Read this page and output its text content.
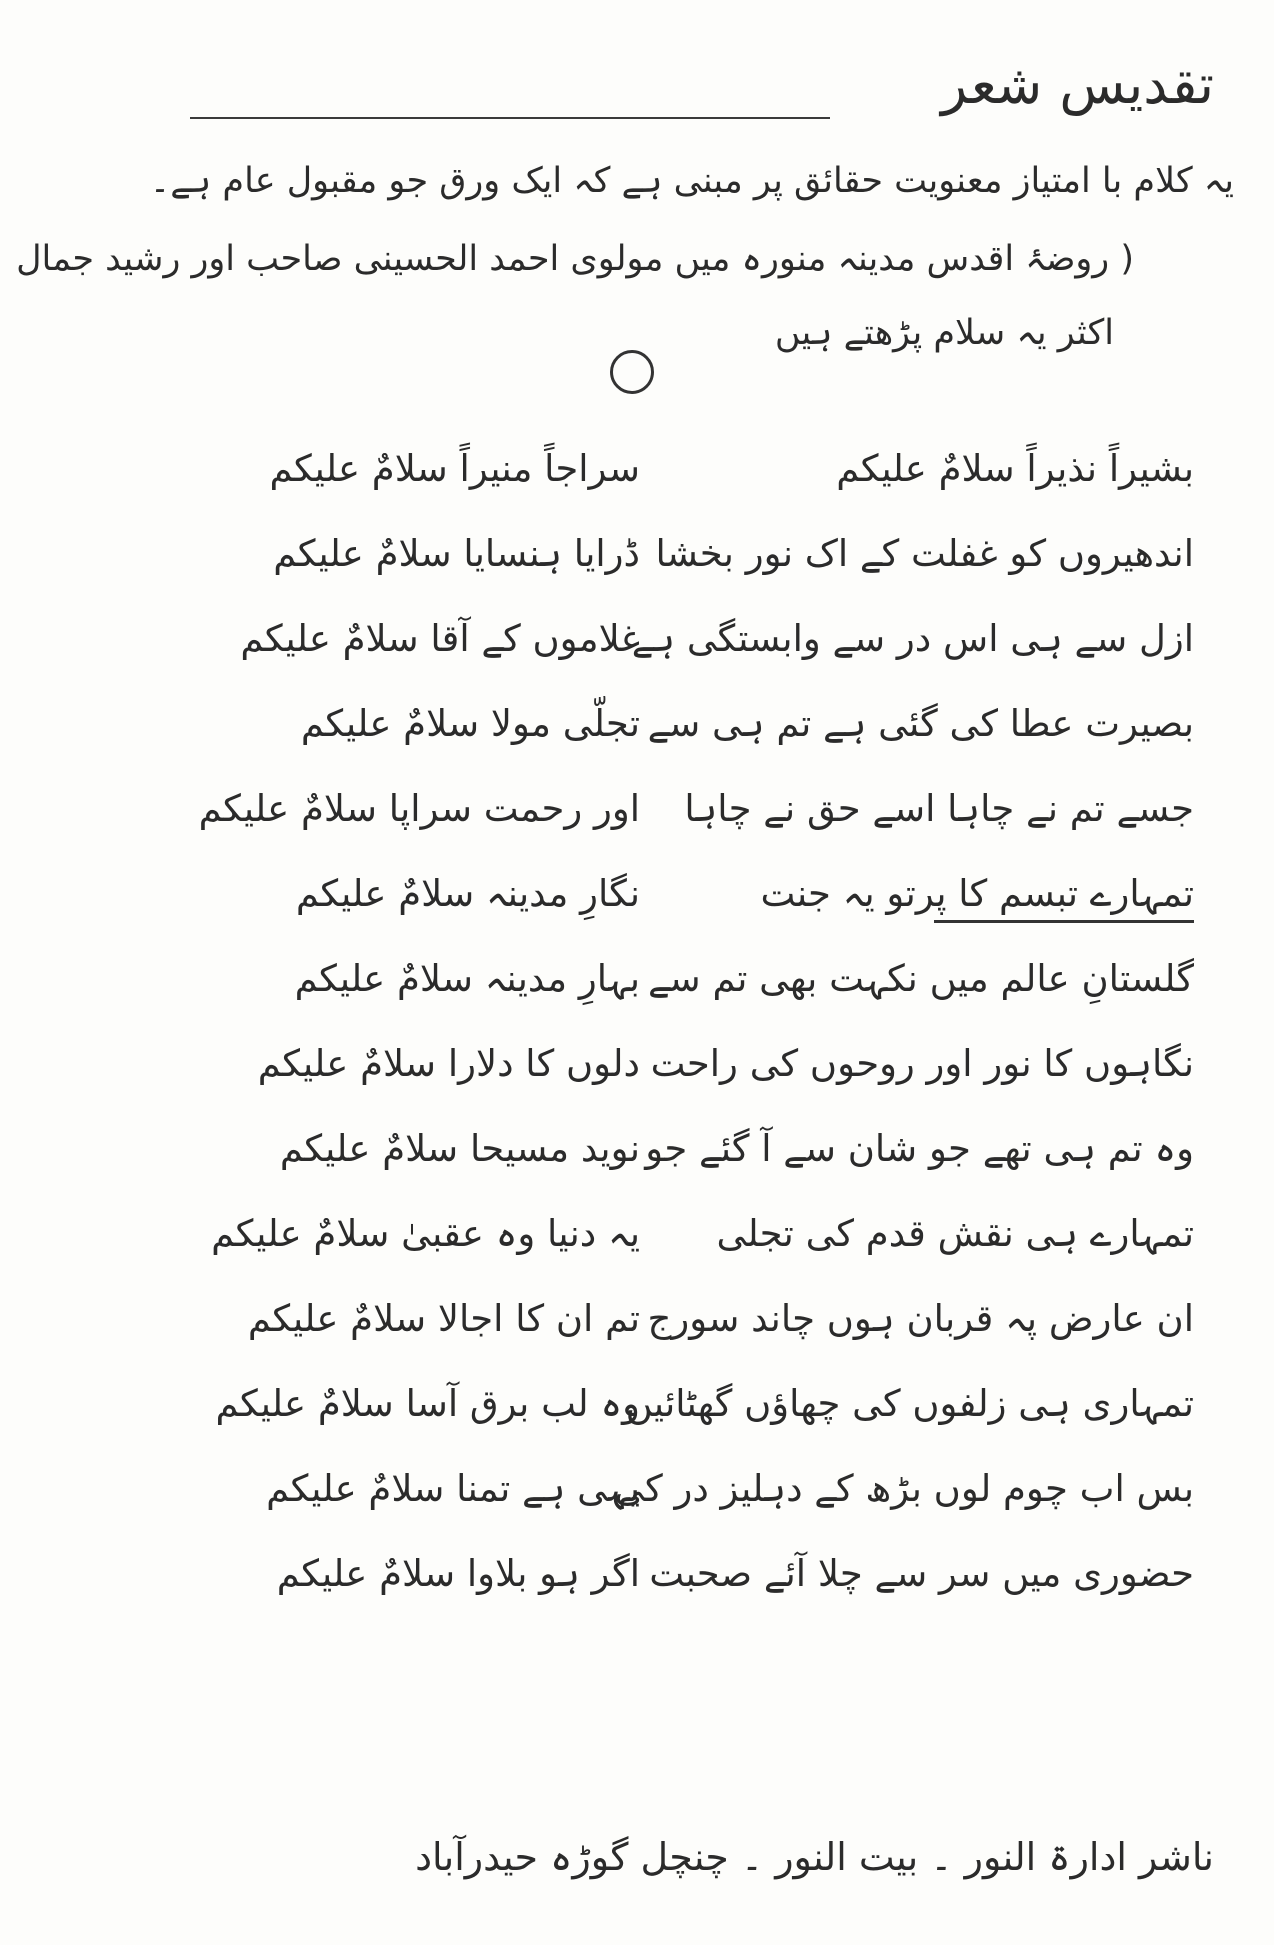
تقدیس شعر
یہ کلام با امتیاز معنویت حقائق پر مبنی ہے کہ ایک ورق جو مقبول عام ہے۔
( روضۂ اقدس مدینہ منورہ میں مولوی احمد الحسینی صاحب اور رشید جمال
اکثر یہ سلام پڑھتے ہیں
بشیراً نذیراً سلامٌ علیکم
سراجاً منیراً سلامٌ علیکم
اندھیروں کو غفلت کے اک نور بخشا
ڈرایا ہنسایا سلامٌ علیکم
ازل سے ہی اس در سے وابستگی ہے
غلاموں کے آقا سلامٌ علیکم
بصیرت عطا کی گئی ہے تم ہی سے
تجلّی مولا سلامٌ علیکم
جسے تم نے چاہا اسے حق نے چاہا
اور رحمت سراپا سلامٌ علیکم
تمہارے تبسم کا پرتو یہ جنت
نگارِ مدینہ سلامٌ علیکم
گلستانِ عالم میں نکہت بھی تم سے
بہارِ مدینہ سلامٌ علیکم
نگاہوں کا نور اور روحوں کی راحت
دلوں کا دلارا سلامٌ علیکم
وہ تم ہی تھے جو شان سے آ گئے جو
نوید مسیحا سلامٌ علیکم
تمہارے ہی نقش قدم کی تجلی
یہ دنیا وہ عقبیٰ سلامٌ علیکم
ان عارض پہ قربان ہوں چاند سورج
تم ان کا اجالا سلامٌ علیکم
تمہاری ہی زلفوں کی چھاؤں گھٹائیں
وہ لب برق آسا سلامٌ علیکم
بس اب چوم لوں بڑھ کے دہلیز در کی
یہی ہے تمنا سلامٌ علیکم
حضوری میں سر سے چلا آئے صحبت
اگر ہو بلاوا سلامٌ علیکم
ناشر ادارۃ النور ۔ بیت النور ۔ چنچل گوڑہ حیدرآباد
